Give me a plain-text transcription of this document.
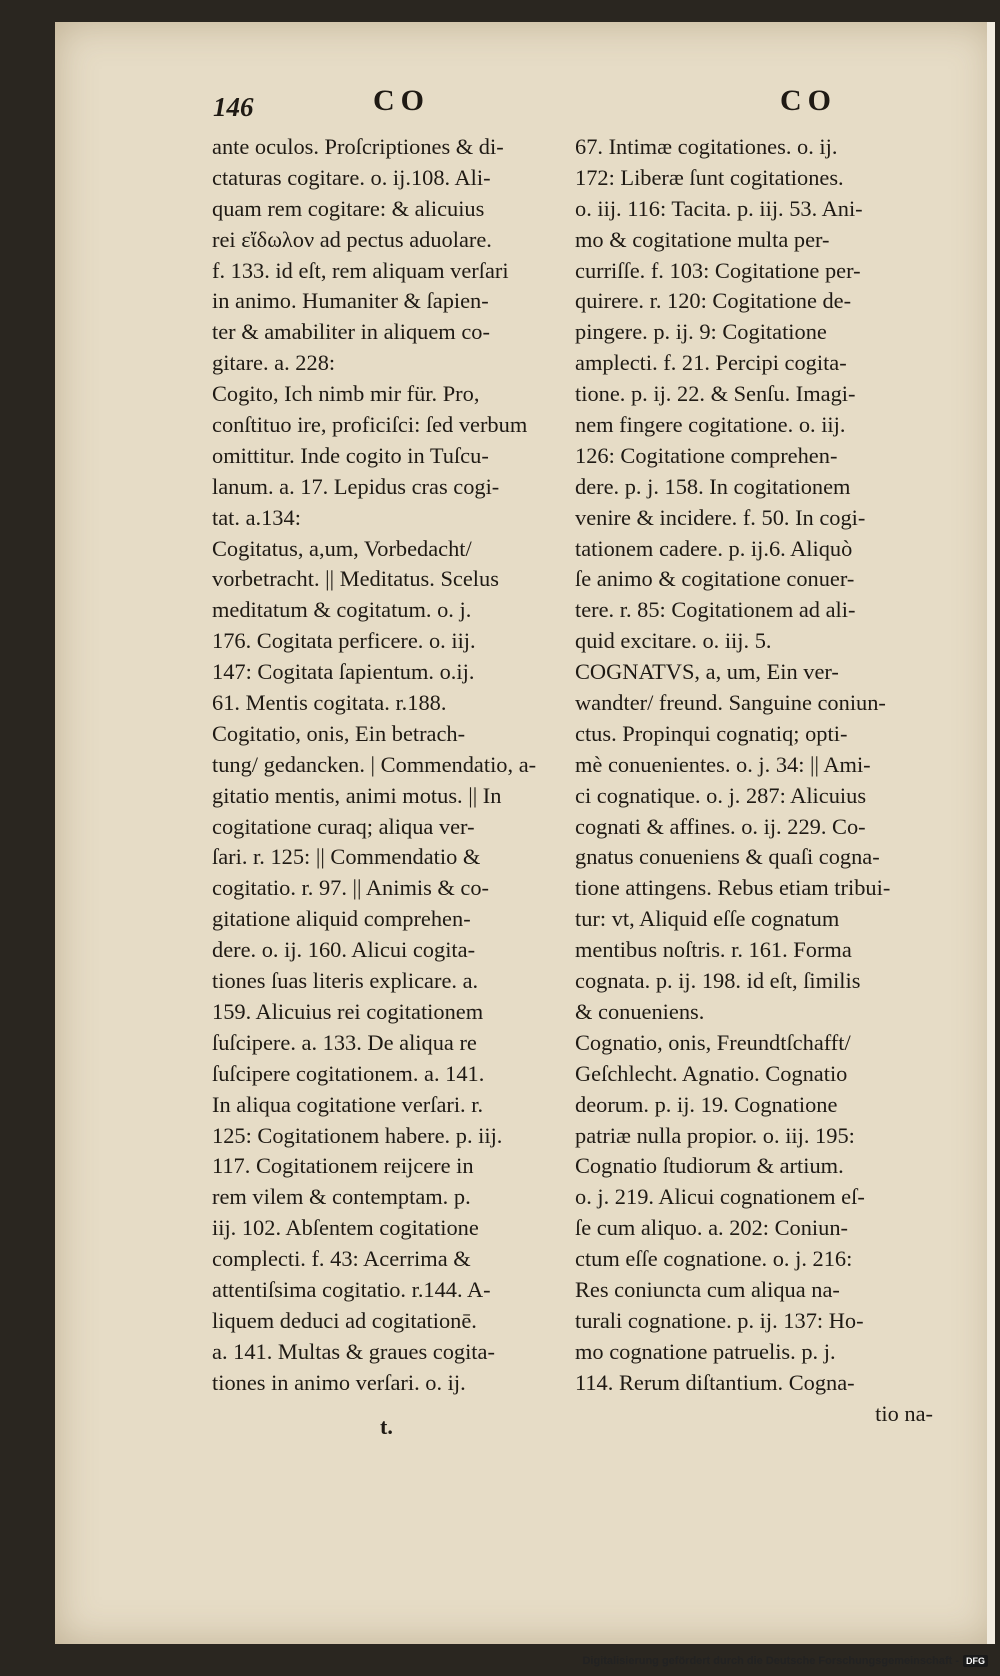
146	CO	CO
ante oculos. Proſcriptiones & di-
ctaturas cogitare. o. ij.108. Ali-
quam rem cogitare: & alicuius
rei εἴδωλον ad pectus aduolare.
f. 133. id eſt, rem aliquam verſari
in animo. Humaniter & ſapien-
ter & amabiliter in aliquem co-
gitare. a. 228:
Cogito, Ich nimb mir für. Pro,
conſtituo ire, proficiſci: ſed verbum
omittitur. Inde cogito in Tuſcu-
lanum. a. 17. Lepidus cras cogi-
tat. a.134:
Cogitatus, a,um, Vorbedacht/
vorbetracht. || Meditatus. Scelus
meditatum & cogitatum. o. j.
176. Cogitata perficere. o. iij.
147: Cogitata ſapientum. o.ij.
61. Mentis cogitata. r.188.
Cogitatio, onis, Ein betrach-
tung/ gedancken. | Commendatio, a-
gitatio mentis, animi motus. || In
cogitatione curaq; aliqua ver-
ſari. r. 125: || Commendatio &
cogitatio. r. 97. || Animis & co-
gitatione aliquid comprehen-
dere. o. ij. 160. Alicui cogita-
tiones ſuas literis explicare. a.
159. Alicuius rei cogitationem
ſuſcipere. a. 133. De aliqua re
ſuſcipere cogitationem. a. 141.
In aliqua cogitatione verſari. r.
125: Cogitationem habere. p. iij.
117. Cogitationem reijcere in
rem vilem & contemptam. p.
iij. 102. Abſentem cogitatione
complecti. f. 43: Acerrima &
attentiſsima cogitatio. r.144. A-
liquem deduci ad cogitationē.
a. 141. Multas & graues cogita-
tiones in animo verſari. o. ij.
67. Intimæ cogitationes. o. ij.
172: Liberæ ſunt cogitationes.
o. iij. 116: Tacita. p. iij. 53. Ani-
mo & cogitatione multa per-
curriſſe. f. 103: Cogitatione per-
quirere. r. 120: Cogitatione de-
pingere. p. ij. 9: Cogitatione
amplecti. f. 21. Percipi cogita-
tione. p. ij. 22. & Senſu. Imagi-
nem fingere cogitatione. o. iij.
126: Cogitatione comprehen-
dere. p. j. 158. In cogitationem
venire & incidere. f. 50. In cogi-
tationem cadere. p. ij.6. Aliquò
ſe animo & cogitatione conuer-
tere. r. 85: Cogitationem ad ali-
quid excitare. o. iij. 5.
COGNATVS, a, um, Ein ver-
wandter/ freund. Sanguine coniun-
ctus. Propinqui cognatiq; opti-
mè conuenientes. o. j. 34: || Ami-
ci cognatique. o. j. 287: Alicuius
cognati & affines. o. ij. 229. Co-
gnatus conueniens & quaſi cogna-
tione attingens. Rebus etiam tribui-
tur: vt, Aliquid eſſe cognatum
mentibus noſtris. r. 161. Forma
cognata. p. ij. 198. id eſt, ſimilis
& conueniens.
Cognatio, onis, Freundtſchafft/
Geſchlecht. Agnatio. Cognatio
deorum. p. ij. 19. Cognatione
patriæ nulla propior. o. iij. 195:
Cognatio ſtudiorum & artium.
o. j. 219. Alicui cognationem eſ-
ſe cum aliquo. a. 202: Coniun-
ctum eſſe cognatione. o. j. 216:
Res coniuncta cum aliqua na-
turali cognatione. p. ij. 137: Ho-
mo cognatione patruelis. p. j.
114. Rerum diſtantium. Cogna-
tio na-
t.
Digitalisierung gefördert durch die Deutsche Forschungsgemeinschaft - DFG
